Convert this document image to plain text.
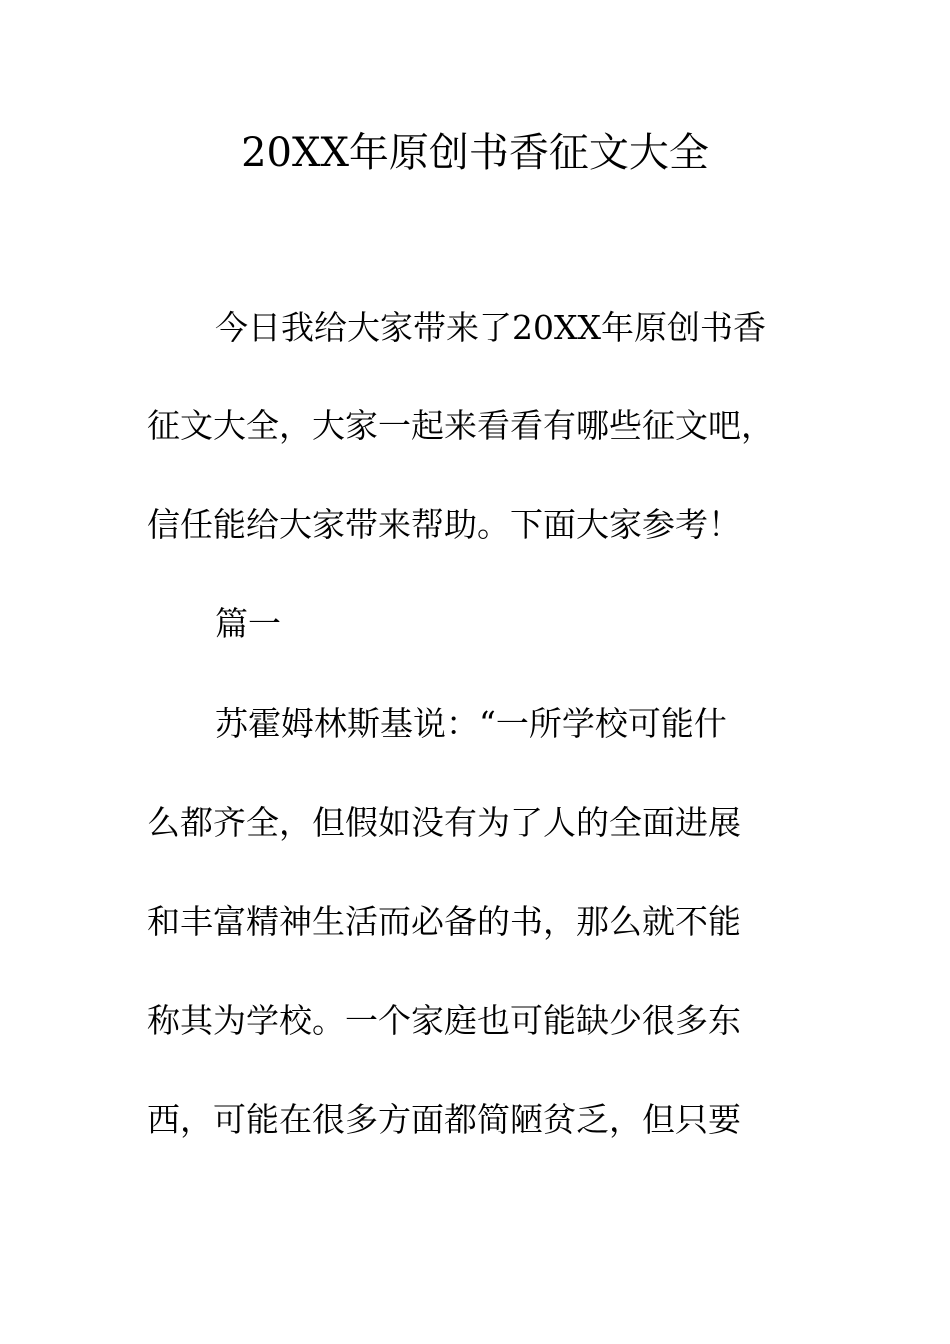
20XX年原创书香征文大全
今日我给大家带来了20XX年原创书香
征文大全，大家一起来看看有哪些征文吧，
信任能给大家带来帮助。下面大家参考！
篇一
苏霍姆林斯基说：“一所学校可能什
么都齐全，但假如没有为了人的全面进展
和丰富精神生活而必备的书，那么就不能
称其为学校。一个家庭也可能缺少很多东
西，可能在很多方面都简陋贫乏，但只要
